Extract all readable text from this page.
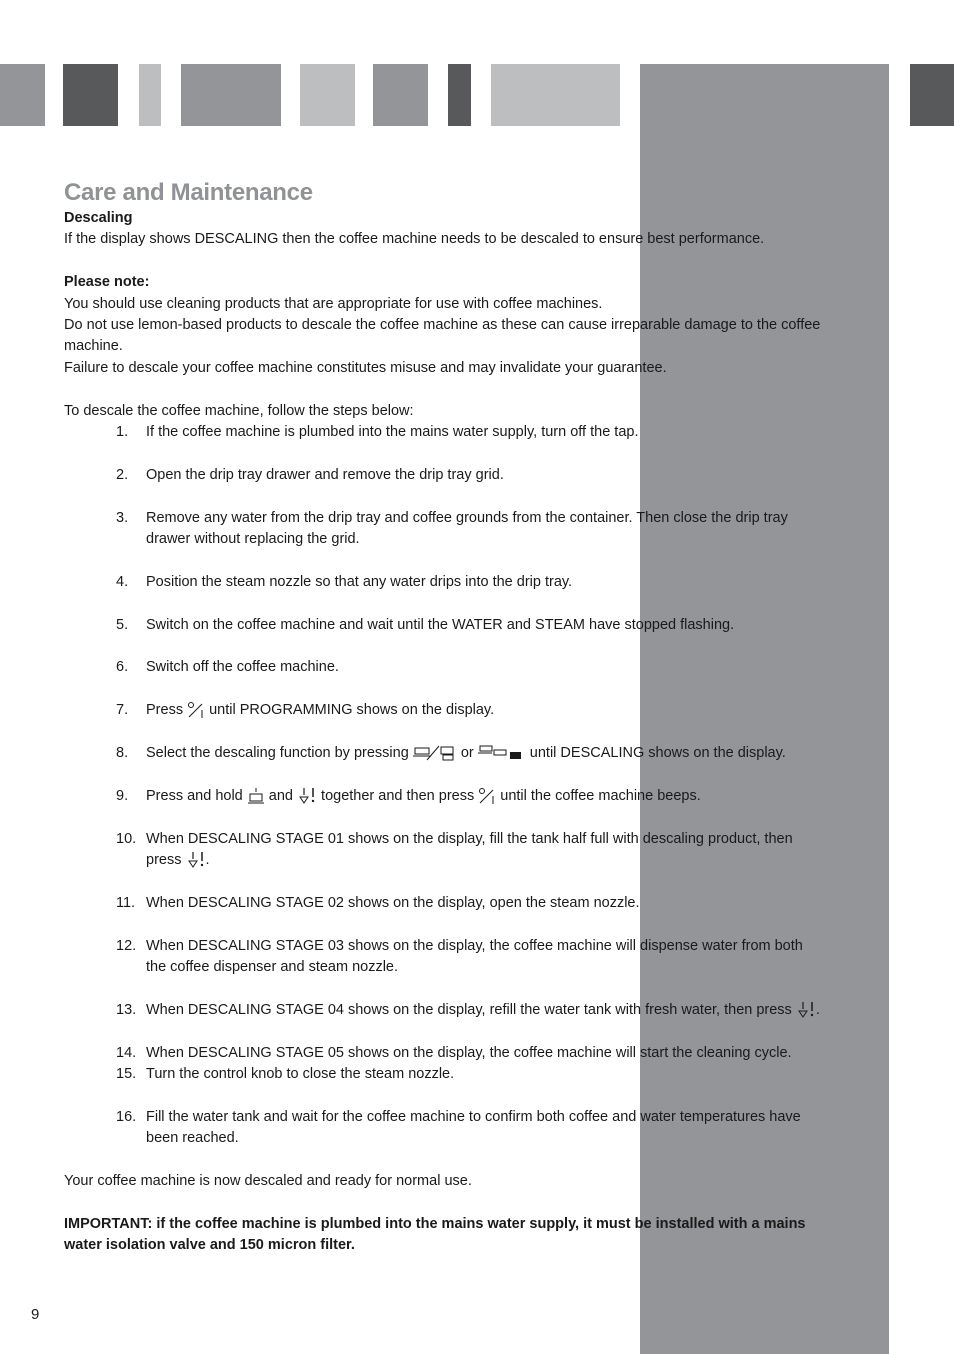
Care and Maintenance

Descaling

If the display shows DESCALING then the coffee machine needs to be descaled to ensure best performance.

Please note:

You should use cleaning products that are appropriate for use with coffee machines.

Do not use lemon-based products to descale the coffee machine as these can cause irreparable damage to the coffee machine.

Failure to descale your coffee machine constitutes misuse and may invalidate your guarantee.

To descale the coffee machine, follow the steps below:

1. If the coffee machine is plumbed into the mains water supply, turn off the tap.
2. Open the drip tray drawer and remove the drip tray grid.
3. Remove any water from the drip tray and coffee grounds from the container. Then close the drip tray drawer without replacing the grid.
4. Position the steam nozzle so that any water drips into the drip tray.
5. Switch on the coffee machine and wait until the WATER and STEAM have stopped flashing.
6. Switch off the coffee machine.
7. Press  until PROGRAMMING shows on the display.
8. Select the descaling function by pressing	or	until DESCALING shows on the display.
9. Press and hold  and  together and then press  until the coffee machine beeps.
10. When DESCALING STAGE 01 shows on the display, fill the tank half full with descaling product, then press .
11. When DESCALING STAGE 02 shows on the display, open the steam nozzle.
12. When DESCALING STAGE 03 shows on the display, the coffee machine will dispense water from both the coffee dispenser and steam nozzle.
13. When DESCALING STAGE 04 shows on the display, refill the water tank with fresh water, then press .
14. When DESCALING STAGE 05 shows on the display, the coffee machine will start the cleaning cycle.
15. Turn the control knob to close the steam nozzle.
16. Fill the water tank and wait for the coffee machine to confirm both coffee and water temperatures have been reached.

Your coffee machine is now descaled and ready for normal use.

IMPORTANT: if the coffee machine is plumbed into the mains water supply, it must be installed with a mains water isolation valve and 150 micron filter.

9
